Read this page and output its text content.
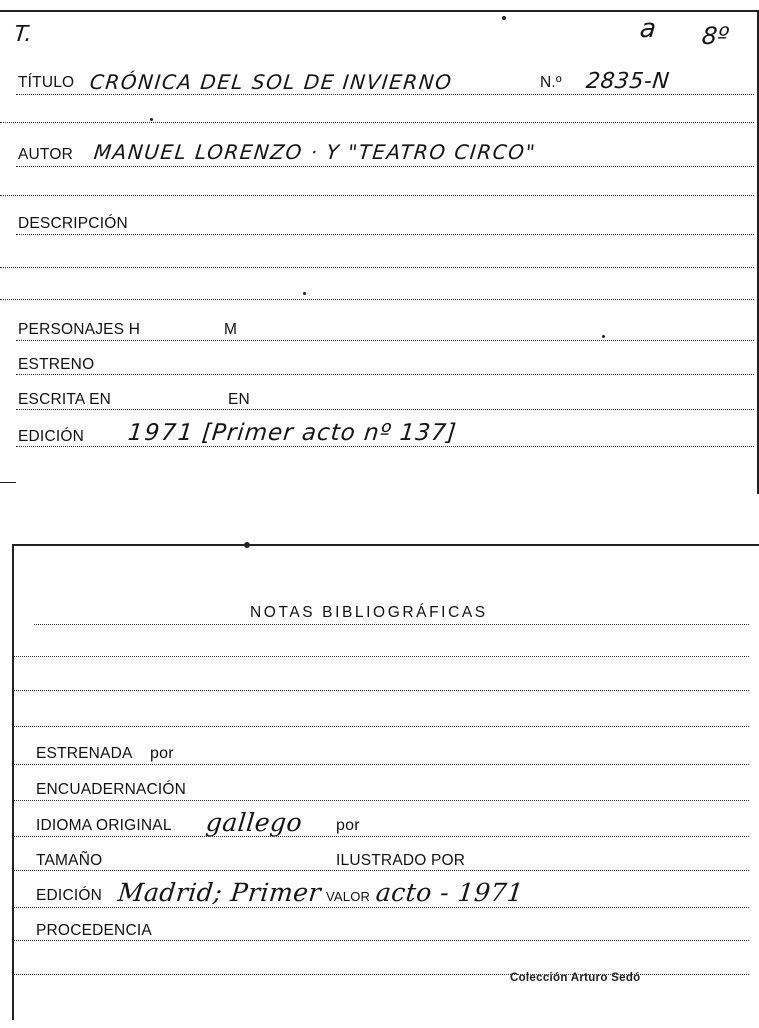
T.	a 8º
TÍTULO CRÓNICA DEL SOL DE INVIERNO	N.º 2835-N
AUTOR MANUEL LORENZO · Y "TEATRO CIRCO"
DESCRIPCIÓN
PERSONAJES H	M
ESTRENO
ESCRITA EN	EN
EDICIÓN 1971 [Primer acto nº 137]
NOTAS BIBLIOGRÁFICAS
ESTRENADA por
ENCUADERNACIÓN
IDIOMA ORIGINAL gallego por
TAMAÑO	ILUSTRADO POR
EDICIÓN Madrid; Primer VALOR acto - 1971
PROCEDENCIA
Colección Arturo Sedó
